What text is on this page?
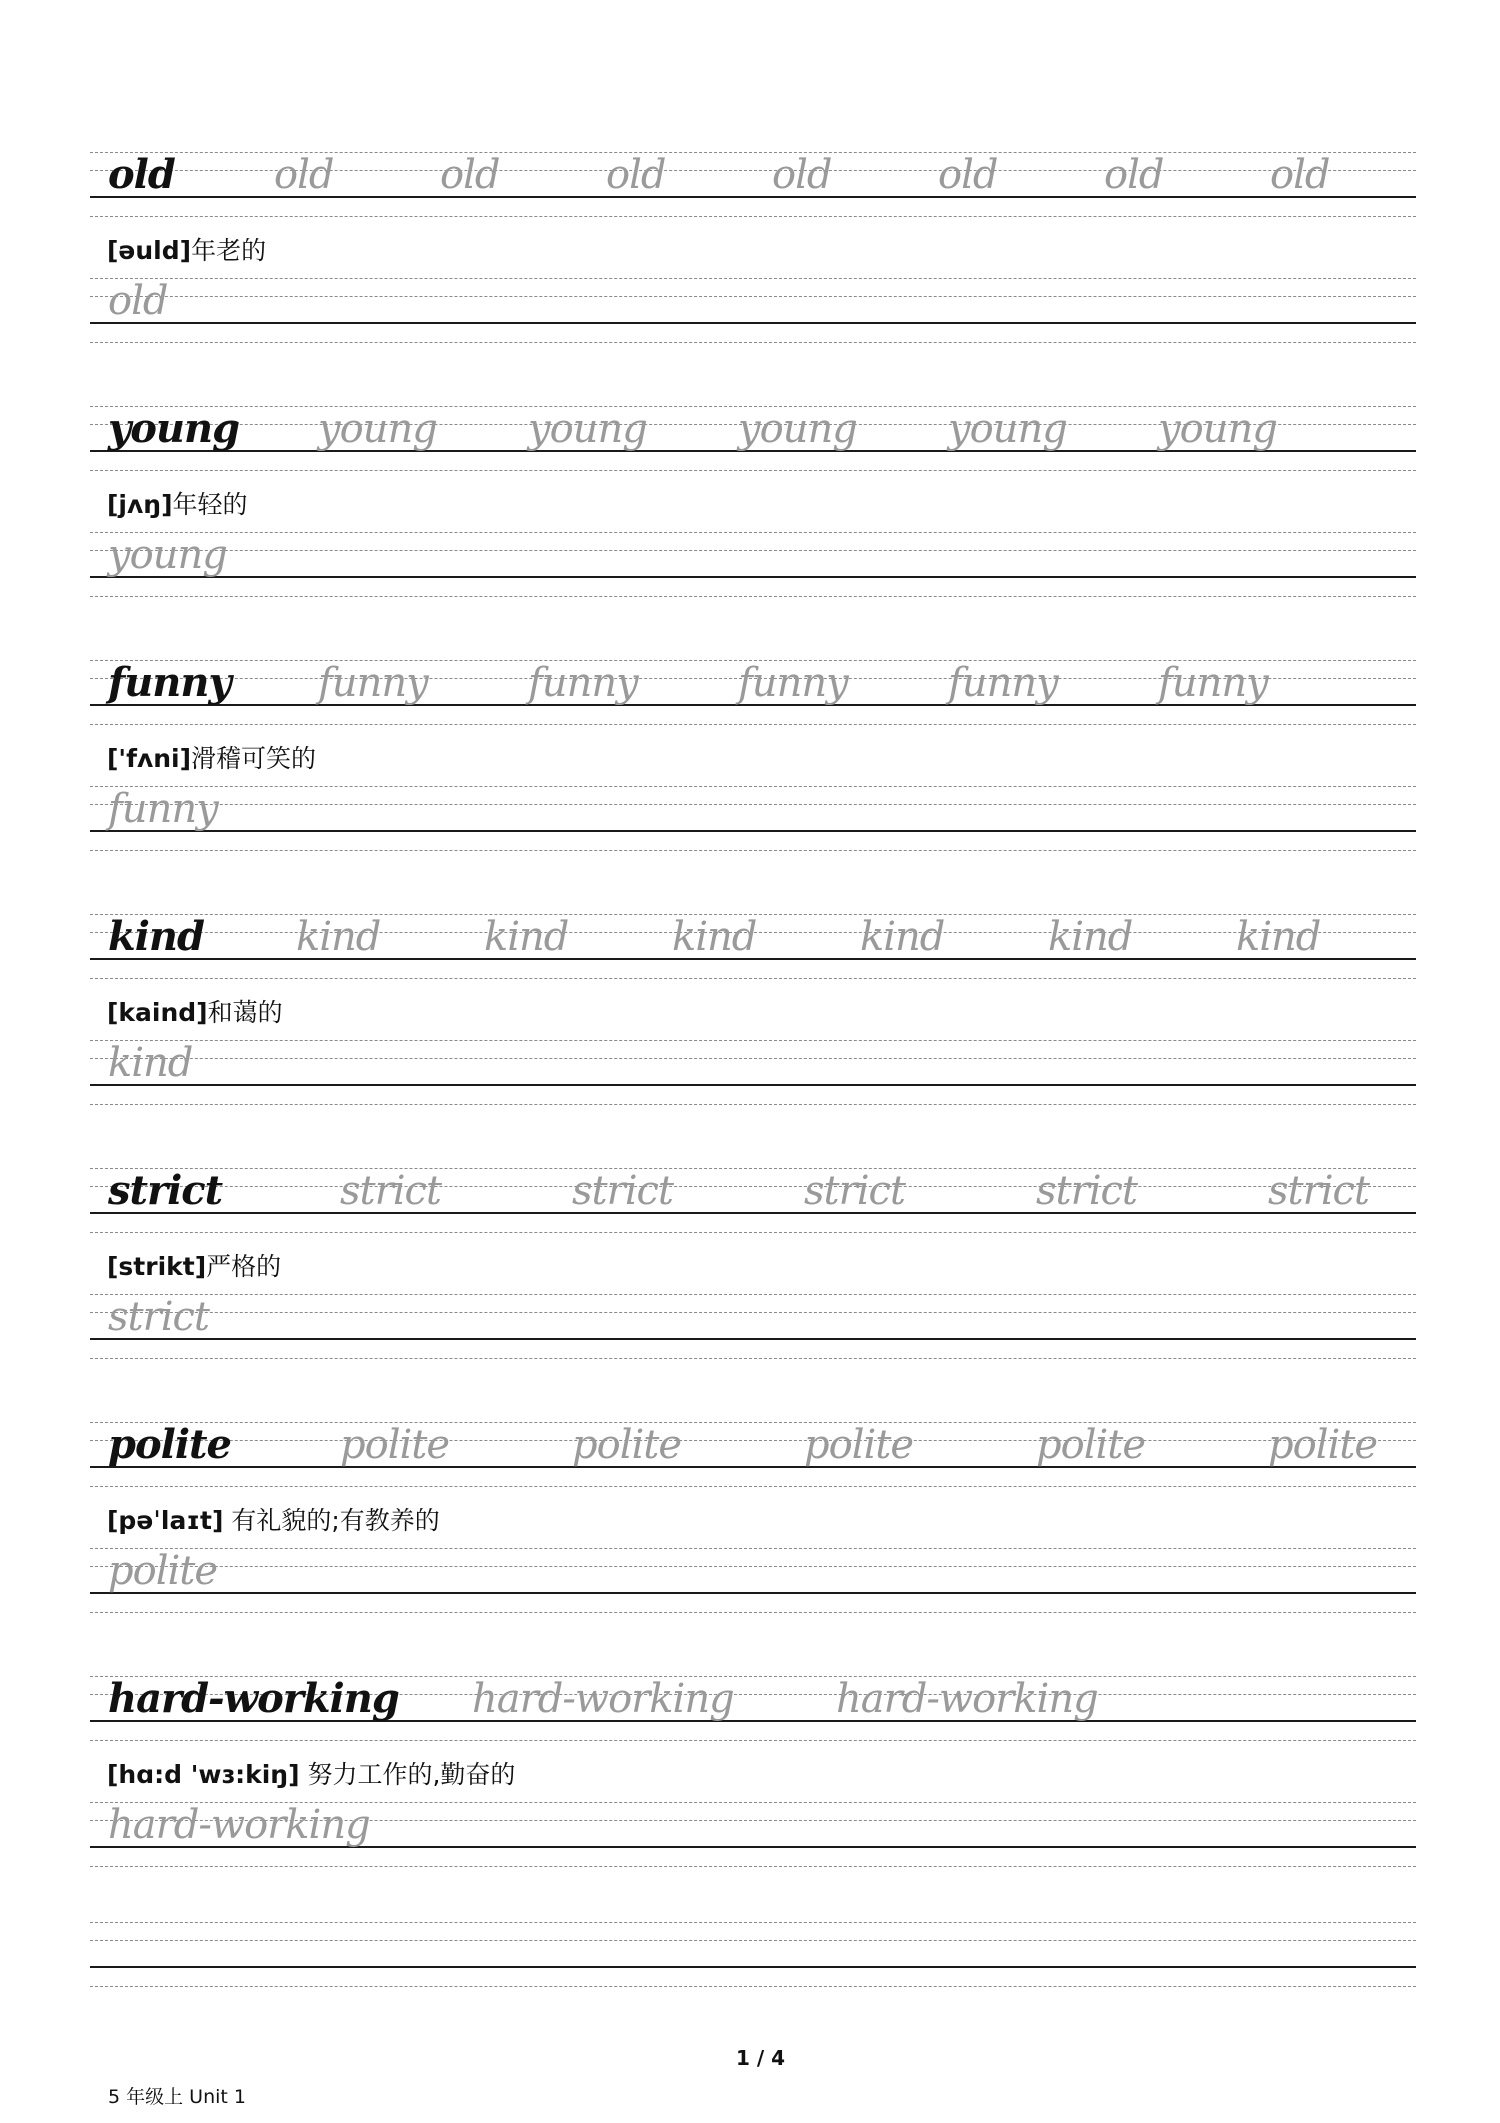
old old	old	old	old	old	old	old
[əuld]年老的
old
young young young young young young
[jʌŋ]年轻的
young
funny funny	funny	funny	funny	funny
['fʌni]滑稽可笑的
funny
kind kind	kind	kind	kind	kind	kind
[kaind]和蔼的
kind
strict	strict	strict	strict	strict	strict
[strikt]严格的
strict
polite	polite	polite	polite	polite	polite
[pəˈlaɪt] 有礼貌的;有教养的
polite
hard-working hard-working	hard-working
[hɑ:d 'wɜ:kiŋ] 努力工作的,勤奋的
hard-working
1 / 4
5 年级上 Unit 1
